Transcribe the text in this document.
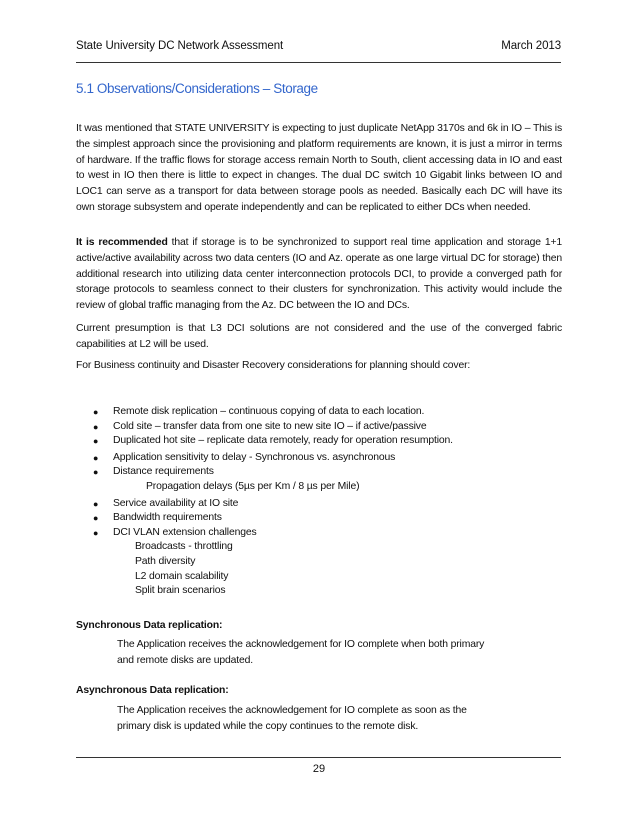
State University DC Network Assessment	March 2013
5.1 Observations/Considerations – Storage

It was mentioned that STATE UNIVERSITY is expecting to just duplicate NetApp 3170s and 6k in IO – This is the simplest approach since the provisioning and platform requirements are known, it is just a mirror in terms of hardware. If the traffic flows for storage access remain North to South, client accessing data in IO and east to west in IO then there is little to expect in changes. The dual DC switch 10 Gigabit links between IO and LOC1 can serve as a transport for data between storage pools as needed. Basically each DC will have its own storage subsystem and operate independently and can be replicated to either DCs when needed.

It is recommended that if storage is to be synchronized to support real time application and storage 1+1 active/active availability across two data centers (IO and Az. operate as one large virtual DC for storage) then additional research into utilizing data center interconnection protocols DCI, to provide a converged path for storage protocols to seamless connect to their clusters for synchronization. This activity would include the review of global traffic managing from the Az. DC between the IO and DCs.

Current presumption is that L3 DCI solutions are not considered and the use of the converged fabric capabilities at L2 will be used.

For Business continuity and Disaster Recovery considerations for planning should cover:

● Remote disk replication – continuous copying of data to each location.
● Cold site – transfer data from one site to new site IO – if active/passive
● Duplicated hot site – replicate data remotely, ready for operation resumption.
● Application sensitivity to delay - Synchronous vs. asynchronous
● Distance requirements
Propagation delays (5µs per Km / 8 µs per Mile)
● Service availability at IO site
● Bandwidth requirements
● DCI VLAN extension challenges
Broadcasts - throttling
Path diversity
L2 domain scalability
Split brain scenarios
Synchronous Data replication:

The Application receives the acknowledgement for IO complete when both primary and remote disks are updated.

Asynchronous Data replication:

The Application receives the acknowledgement for IO complete as soon as the primary disk is updated while the copy continues to the remote disk.

29
